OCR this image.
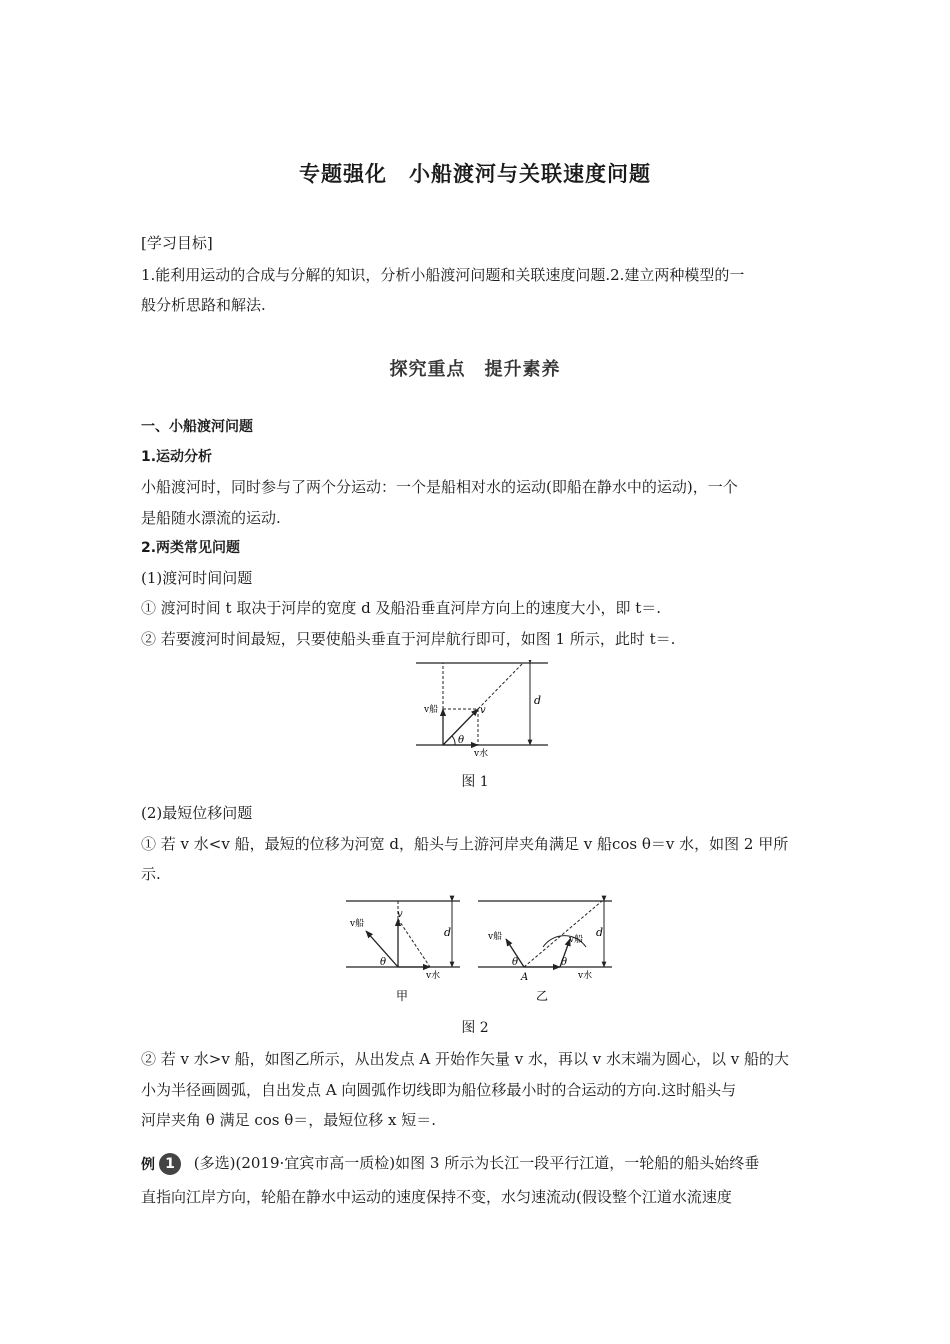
专题强化　小船渡河与关联速度问题
[学习目标]
1.能利用运动的合成与分解的知识，分析小船渡河问题和关联速度问题.2.建立两种模型的一
般分析思路和解法.
探究重点　提升素养
一、小船渡河问题
1.运动分析
小船渡河时，同时参与了两个分运动：一个是船相对水的运动(即船在静水中的运动)，一个
是船随水漂流的运动.
2.两类常见问题
(1)渡河时间问题
① 渡河时间 t 取决于河岸的宽度 d 及船沿垂直河岸方向上的速度大小，即 t＝.
② 若要渡河时间最短，只要使船头垂直于河岸航行即可，如图 1 所示，此时 t＝.
v船	v
θ
v水
d
图 1
(2)最短位移问题
① 若 v 水<v 船，最短的位移为河宽 d，船头与上游河岸夹角满足 v 船cos θ＝v 水，如图 2 甲所
示.
v船
v
θ
v水
d
甲
v船	v船
θ	θ
A	v水
d
乙
图 2
② 若 v 水>v 船，如图乙所示，从出发点 A 开始作矢量 v 水，再以 v 水末端为圆心，以 v 船的大
小为半径画圆弧，自出发点 A 向圆弧作切线即为船位移最小时的合运动的方向.这时船头与
河岸夹角 θ 满足 cos θ＝，最短位移 x 短＝.
例 1 (多选)(2019·宜宾市高一质检)如图 3 所示为长江一段平行江道，一轮船的船头始终垂
直指向江岸方向，轮船在静水中运动的速度保持不变，水匀速流动(假设整个江道水流速度
